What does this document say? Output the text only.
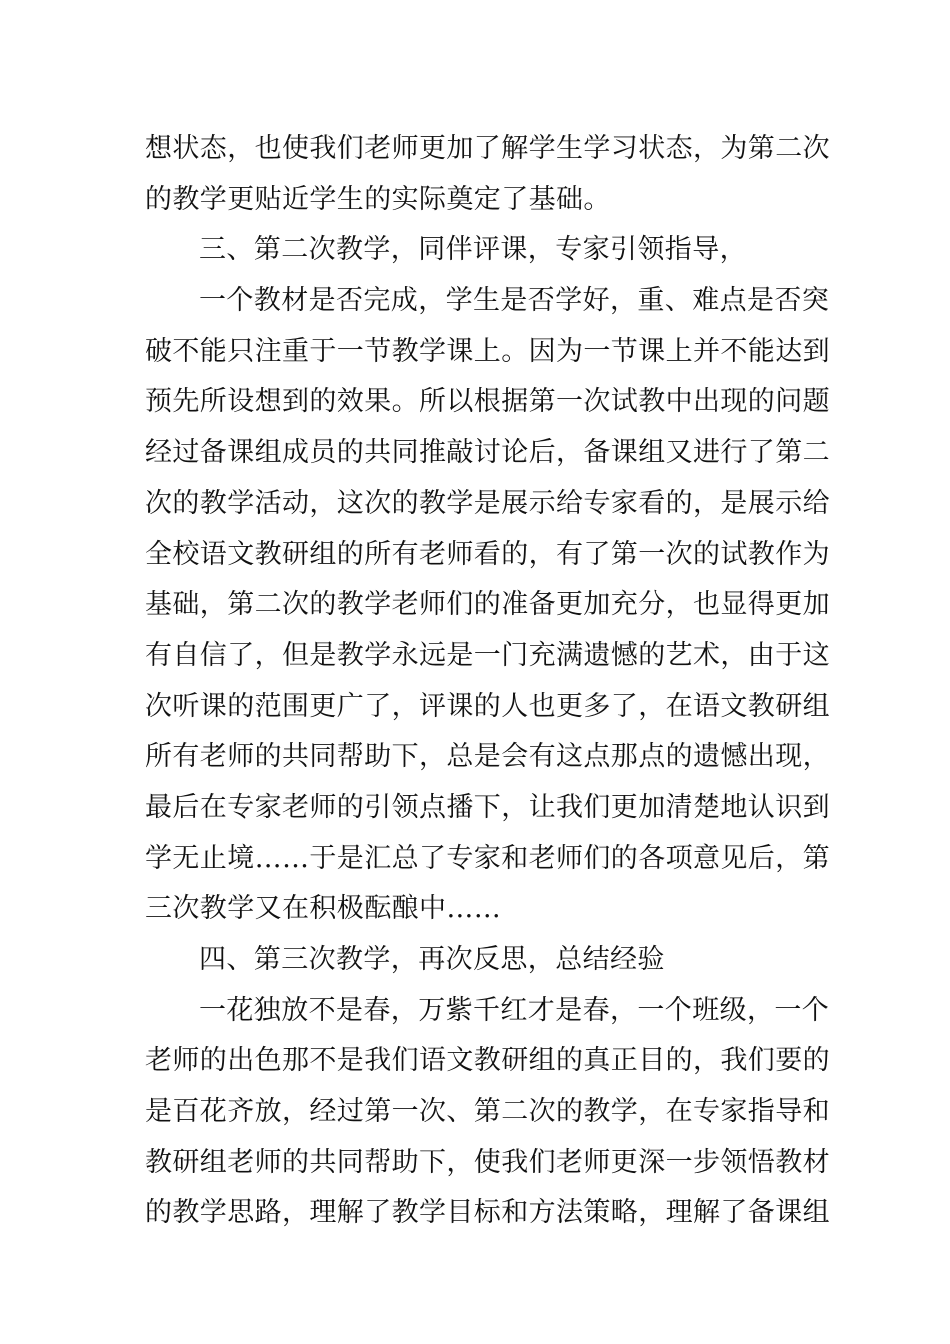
想状态，也使我们老师更加了解学生学习状态，为第二次
的教学更贴近学生的实际奠定了基础。
三、第二次教学，同伴评课，专家引领指导，
一个教材是否完成，学生是否学好，重、难点是否突
破不能只注重于一节教学课上。因为一节课上并不能达到
预先所设想到的效果。所以根据第一次试教中出现的问题
经过备课组成员的共同推敲讨论后，备课组又进行了第二
次的教学活动，这次的教学是展示给专家看的，是展示给
全校语文教研组的所有老师看的，有了第一次的试教作为
基础，第二次的教学老师们的准备更加充分，也显得更加
有自信了，但是教学永远是一门充满遗憾的艺术，由于这
次听课的范围更广了，评课的人也更多了，在语文教研组
所有老师的共同帮助下，总是会有这点那点的遗憾出现，
最后在专家老师的引领点播下，让我们更加清楚地认识到
学无止境……于是汇总了专家和老师们的各项意见后，第
三次教学又在积极酝酿中……
四、第三次教学，再次反思，总结经验
一花独放不是春，万紫千红才是春，一个班级，一个
老师的出色那不是我们语文教研组的真正目的，我们要的
是百花齐放，经过第一次、第二次的教学，在专家指导和
教研组老师的共同帮助下，使我们老师更深一步领悟教材
的教学思路，理解了教学目标和方法策略，理解了备课组
